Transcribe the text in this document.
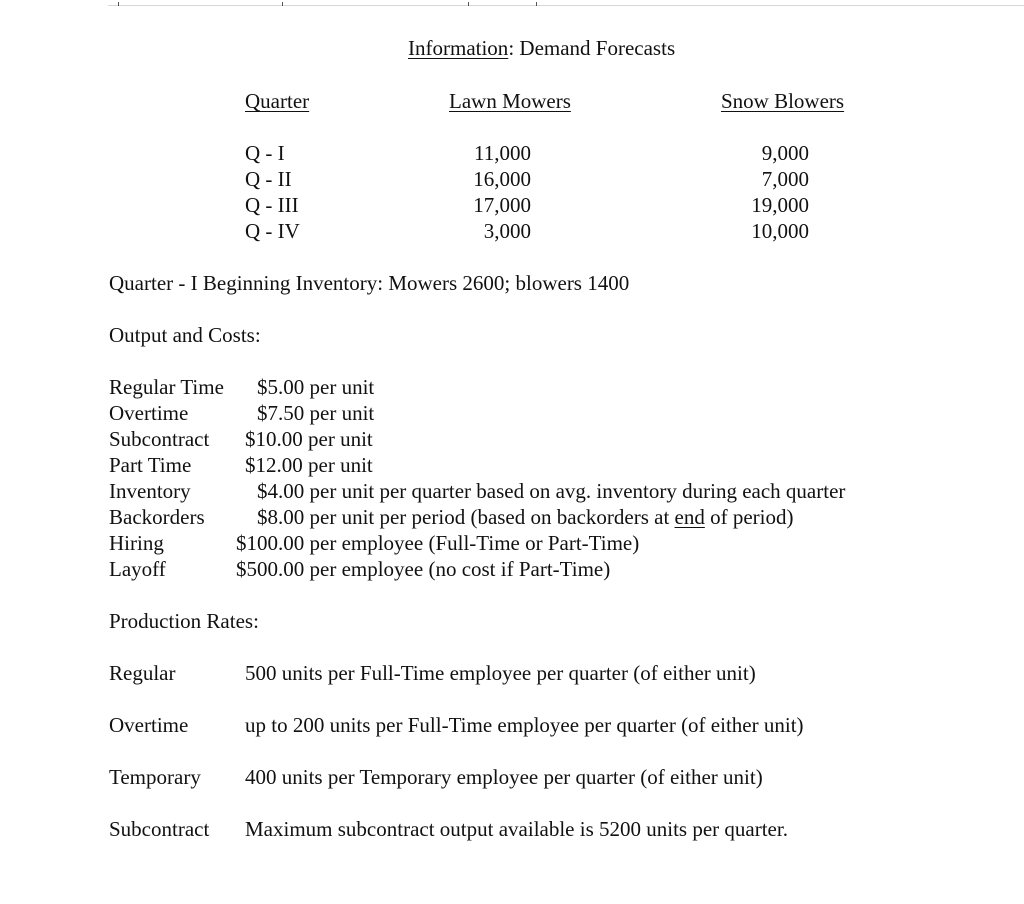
Information: Demand Forecasts
Quarter	Lawn Mowers	Snow Blowers
Q - I	11,000	9,000
Q - II	16,000	7,000
Q - III	17,000	19,000
Q - IV	3,000	10,000
Quarter - I Beginning Inventory: Mowers 2600; blowers 1400
Output and Costs:
Regular Time $5.00 per unit
Overtime	$7.50 per unit
Subcontract $10.00 per unit
Part Time	$12.00 per unit
Inventory	$4.00 per unit per quarter based on avg. inventory during each quarter
Backorders $8.00 per unit per period (based on backorders at end of period)
Hiring	$100.00 per employee (Full-Time or Part-Time)
Layoff	$500.00 per employee (no cost if Part-Time)
Production Rates:
Regular	500 units per Full-Time employee per quarter (of either unit)
Overtime	up to 200 units per Full-Time employee per quarter (of either unit)
Temporary 400 units per Temporary employee per quarter (of either unit)
Subcontract Maximum subcontract output available is 5200 units per quarter.
